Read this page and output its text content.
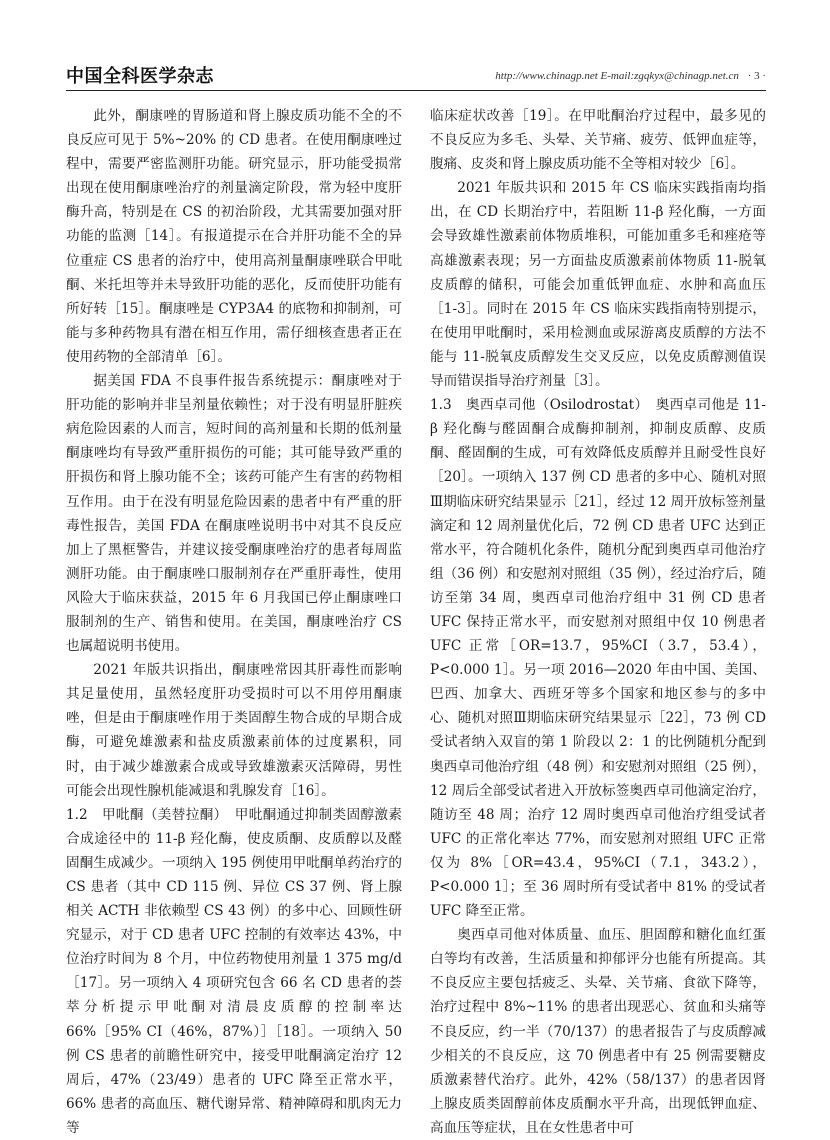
中国全科医学杂志	http://www.chinagp.net E-mail:zgqkyx@chinagp.net.cn · 3 ·

此外，酮康唑的胃肠道和肾上腺皮质功能不全的不良反应可见于 5%~20% 的 CD 患者。在使用酮康唑过程中，需要严密监测肝功能。研究显示，肝功能受损常出现在使用酮康唑治疗的剂量滴定阶段，常为轻中度肝酶升高，特别是在 CS 的初治阶段，尤其需要加强对肝功能的监测［14］。有报道提示在合并肝功能不全的异位重症 CS 患者的治疗中，使用高剂量酮康唑联合甲吡酮、米托坦等并未导致肝功能的恶化，反而使肝功能有所好转［15］。酮康唑是 CYP3A4 的底物和抑制剂，可能与多种药物具有潜在相互作用，需仔细核查患者正在使用药物的全部清单［6］。

据美国 FDA 不良事件报告系统提示：酮康唑对于肝功能的影响并非呈剂量依赖性；对于没有明显肝脏疾病危险因素的人而言，短时间的高剂量和长期的低剂量酮康唑均有导致严重肝损伤的可能；其可能导致严重的肝损伤和肾上腺功能不全；该药可能产生有害的药物相互作用。由于在没有明显危险因素的患者中有严重的肝毒性报告，美国 FDA 在酮康唑说明书中对其不良反应加上了黑框警告，并建议接受酮康唑治疗的患者每周监测肝功能。由于酮康唑口服制剂存在严重肝毒性，使用风险大于临床获益，2015 年 6 月我国已停止酮康唑口服制剂的生产、销售和使用。在美国，酮康唑治疗 CS 也属超说明书使用。

2021 年版共识指出，酮康唑常因其肝毒性而影响其足量使用，虽然轻度肝功受损时可以不用停用酮康唑，但是由于酮康唑作用于类固醇生物合成的早期合成酶，可避免雄激素和盐皮质激素前体的过度累积，同时，由于减少雄激素合成或导致雄激素灭活障碍，男性可能会出现性腺机能减退和乳腺发育［16］。

1.2　甲吡酮（美替拉酮）　甲吡酮通过抑制类固醇激素合成途径中的 11-β 羟化酶，使皮质酮、皮质醇以及醛固酮生成减少。一项纳入 195 例使用甲吡酮单药治疗的 CS 患者（其中 CD 115 例、异位 CS 37 例、肾上腺相关 ACTH 非依赖型 CS 43 例）的多中心、回顾性研究显示，对于 CD 患者 UFC 控制的有效率达 43%，中位治疗时间为 8 个月，中位药物使用剂量 1 375 mg/d［17］。另一项纳入 4 项研究包含 66 名 CD 患者的荟萃分析提示甲吡酮对清晨皮质醇的控制率达 66%［95% CI（46%，87%）］［18］。一项纳入 50 例 CS 患者的前瞻性研究中，接受甲吡酮滴定治疗 12 周后，47%（23/49）患者的 UFC 降至正常水平，66% 患者的高血压、糖代谢异常、精神障碍和肌肉无力等

临床症状改善［19］。在甲吡酮治疗过程中，最多见的不良反应为多毛、头晕、关节痛、疲劳、低钾血症等，腹痛、皮炎和肾上腺皮质功能不全等相对较少［6］。

2021 年版共识和 2015 年 CS 临床实践指南均指出，在 CD 长期治疗中，若阻断 11-β 羟化酶，一方面会导致雄性激素前体物质堆积，可能加重多毛和痤疮等高雄激素表现；另一方面盐皮质激素前体物质 11-脱氧皮质醇的储积，可能会加重低钾血症、水肿和高血压［1-3］。同时在 2015 年 CS 临床实践指南特别提示，在使用甲吡酮时，采用检测血或尿游离皮质醇的方法不能与 11-脱氧皮质醇发生交叉反应，以免皮质醇测值误导而错误指导治疗剂量［3］。

1.3　奥西卓司他（Osilodrostat）　奥西卓司他是 11-β 羟化酶与醛固酮合成酶抑制剂，抑制皮质醇、皮质酮、醛固酮的生成，可有效降低皮质醇并且耐受性良好［20］。一项纳入 137 例 CD 患者的多中心、随机对照Ⅲ期临床研究结果显示［21］，经过 12 周开放标签剂量滴定和 12 周剂量优化后，72 例 CD 患者 UFC 达到正常水平，符合随机化条件，随机分配到奥西卓司他治疗组（36 例）和安慰剂对照组（35 例），经过治疗后，随访至第 34 周，奥西卓司他治疗组中 31 例 CD 患者 UFC 保持正常水平，而安慰剂对照组中仅 10 例患者 UFC 正常［OR=13.7，95%CI（3.7，53.4），P<0.000 1］。另一项 2016—2020 年由中国、美国、巴西、加拿大、西班牙等多个国家和地区参与的多中心、随机对照Ⅲ期临床研究结果显示［22］，73 例 CD 受试者纳入双盲的第 1 阶段以 2：1 的比例随机分配到奥西卓司他治疗组（48 例）和安慰剂对照组（25 例），12 周后全部受试者进入开放标签奥西卓司他滴定治疗，随访至 48 周；治疗 12 周时奥西卓司他治疗组受试者 UFC 的正常化率达 77%，而安慰剂对照组 UFC 正常仅为 8%［OR=43.4，95%CI（7.1，343.2），P<0.000 1］；至 36 周时所有受试者中 81% 的受试者 UFC 降至正常。

奥西卓司他对体质量、血压、胆固醇和糖化血红蛋白等均有改善，生活质量和抑郁评分也能有所提高。其不良反应主要包括疲乏、头晕、关节痛、食欲下降等，治疗过程中 8%~11% 的患者出现恶心、贫血和头痛等不良反应，约一半（70/137）的患者报告了与皮质醇减少相关的不良反应，这 70 例患者中有 25 例需要糖皮质激素替代治疗。此外，42%（58/137）的患者因肾上腺皮质类固醇前体皮质酮水平升高，出现低钾血症、高血压等症状，且在女性患者中可
